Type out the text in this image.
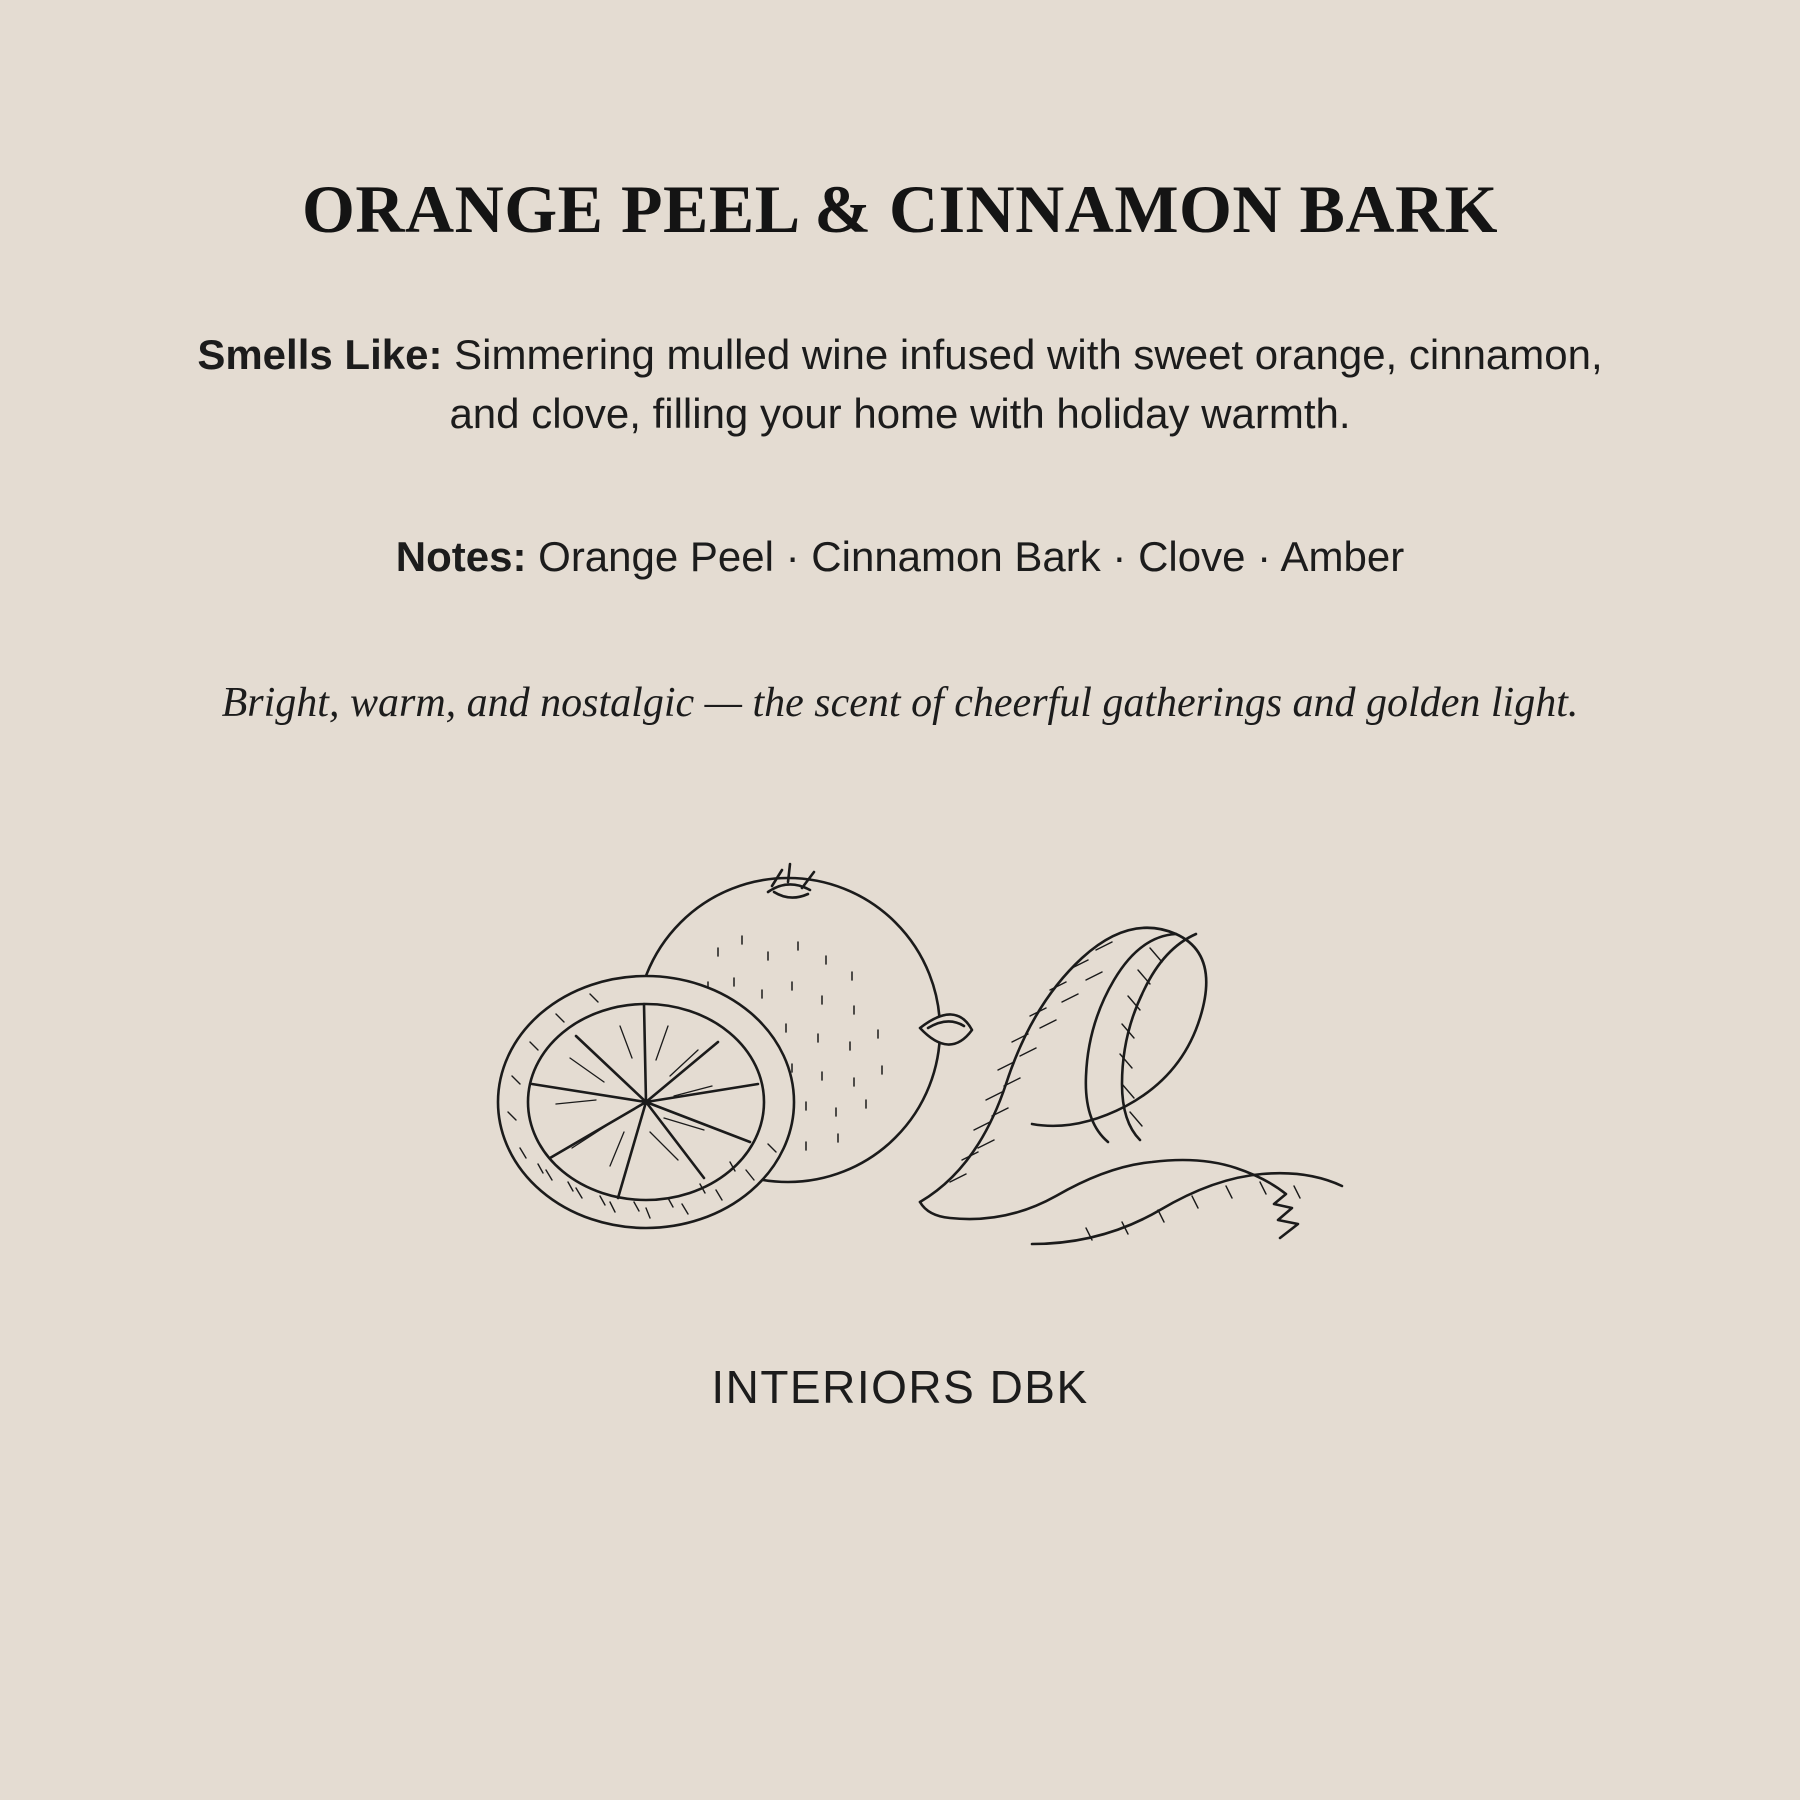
ORANGE PEEL & CINNAMON BARK
Smells Like: Simmering mulled wine infused with sweet orange, cinnamon, and clove, filling your home with holiday warmth.
Notes: Orange Peel · Cinnamon Bark · Clove · Amber
Bright, warm, and nostalgic — the scent of cheerful gatherings and golden light.
INTERIORS DBK
